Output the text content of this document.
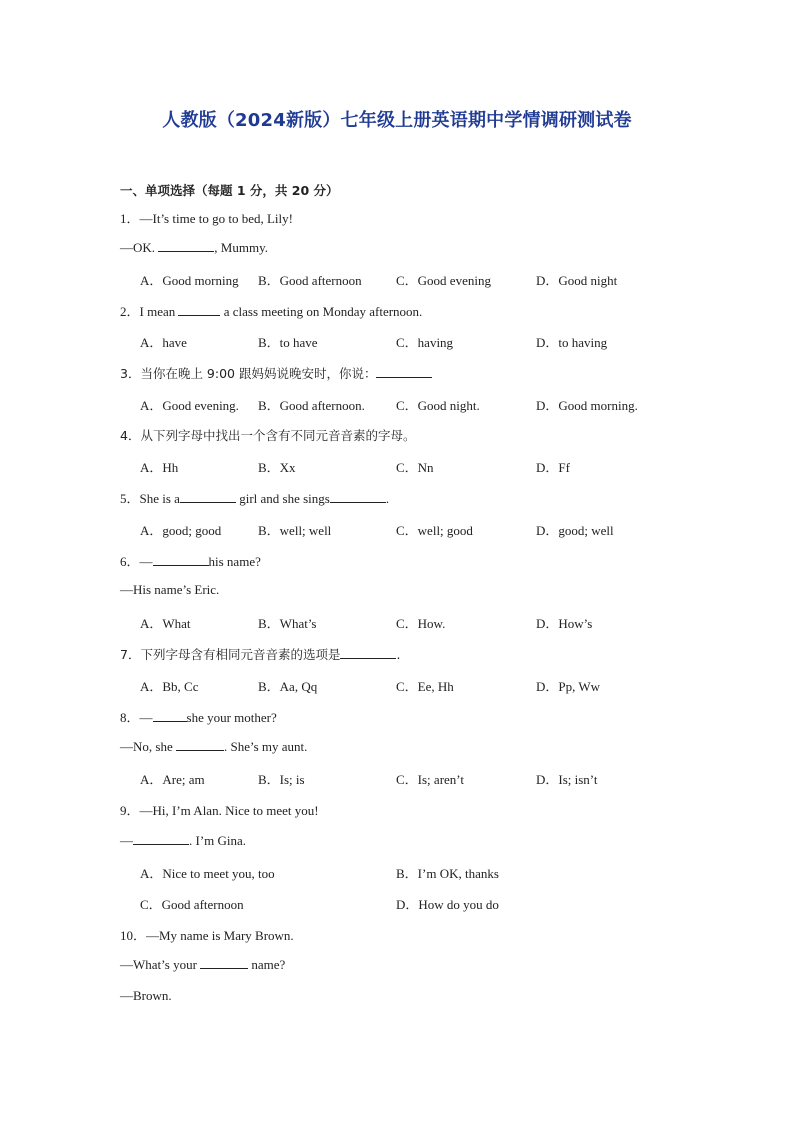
人教版（2024新版）七年级上册英语期中学情调研测试卷
一、单项选择（每题 1 分，共 20 分）
1．—It’s time to go to bed, Lily!
—OK.	, Mummy.
A．Good morning B．Good afternoon	C．Good evening	D．Good night
2．I mean	a class meeting on Monday afternoon.
A．have	B．to have	C．having	D．to having
3．当你在晚上 9:00 跟妈妈说晚安时，你说：
A．Good evening. B．Good afternoon. C．Good night.	D．Good morning.
4．从下列字母中找出一个含有不同元音音素的字母。
A．Hh	B．Xx	C．Nn	D．Ff
5．She is a	girl and she sings	.
A．good; good	B．well; well	C．well; good	D．good; well
6．—	his name?
—His name’s Eric.
A．What	B．What’s	C．How.	D．How’s
7．下列字母含有相同元音音素的选项是	.
A．Bb, Cc	B．Aa, Qq	C．Ee, Hh	D．Pp, Ww
8．—	she your mother?
—No, she	. She’s my aunt.
A．Are; am	B．Is; is	C．Is; aren’t	D．Is; isn’t
9．—Hi, I’m Alan. Nice to meet you!
—	. I’m Gina.
A．Nice to meet you, too	B．I’m OK, thanks
C．Good afternoon	D．How do you do
10．—My name is Mary Brown.
—What’s your	name?
—Brown.
